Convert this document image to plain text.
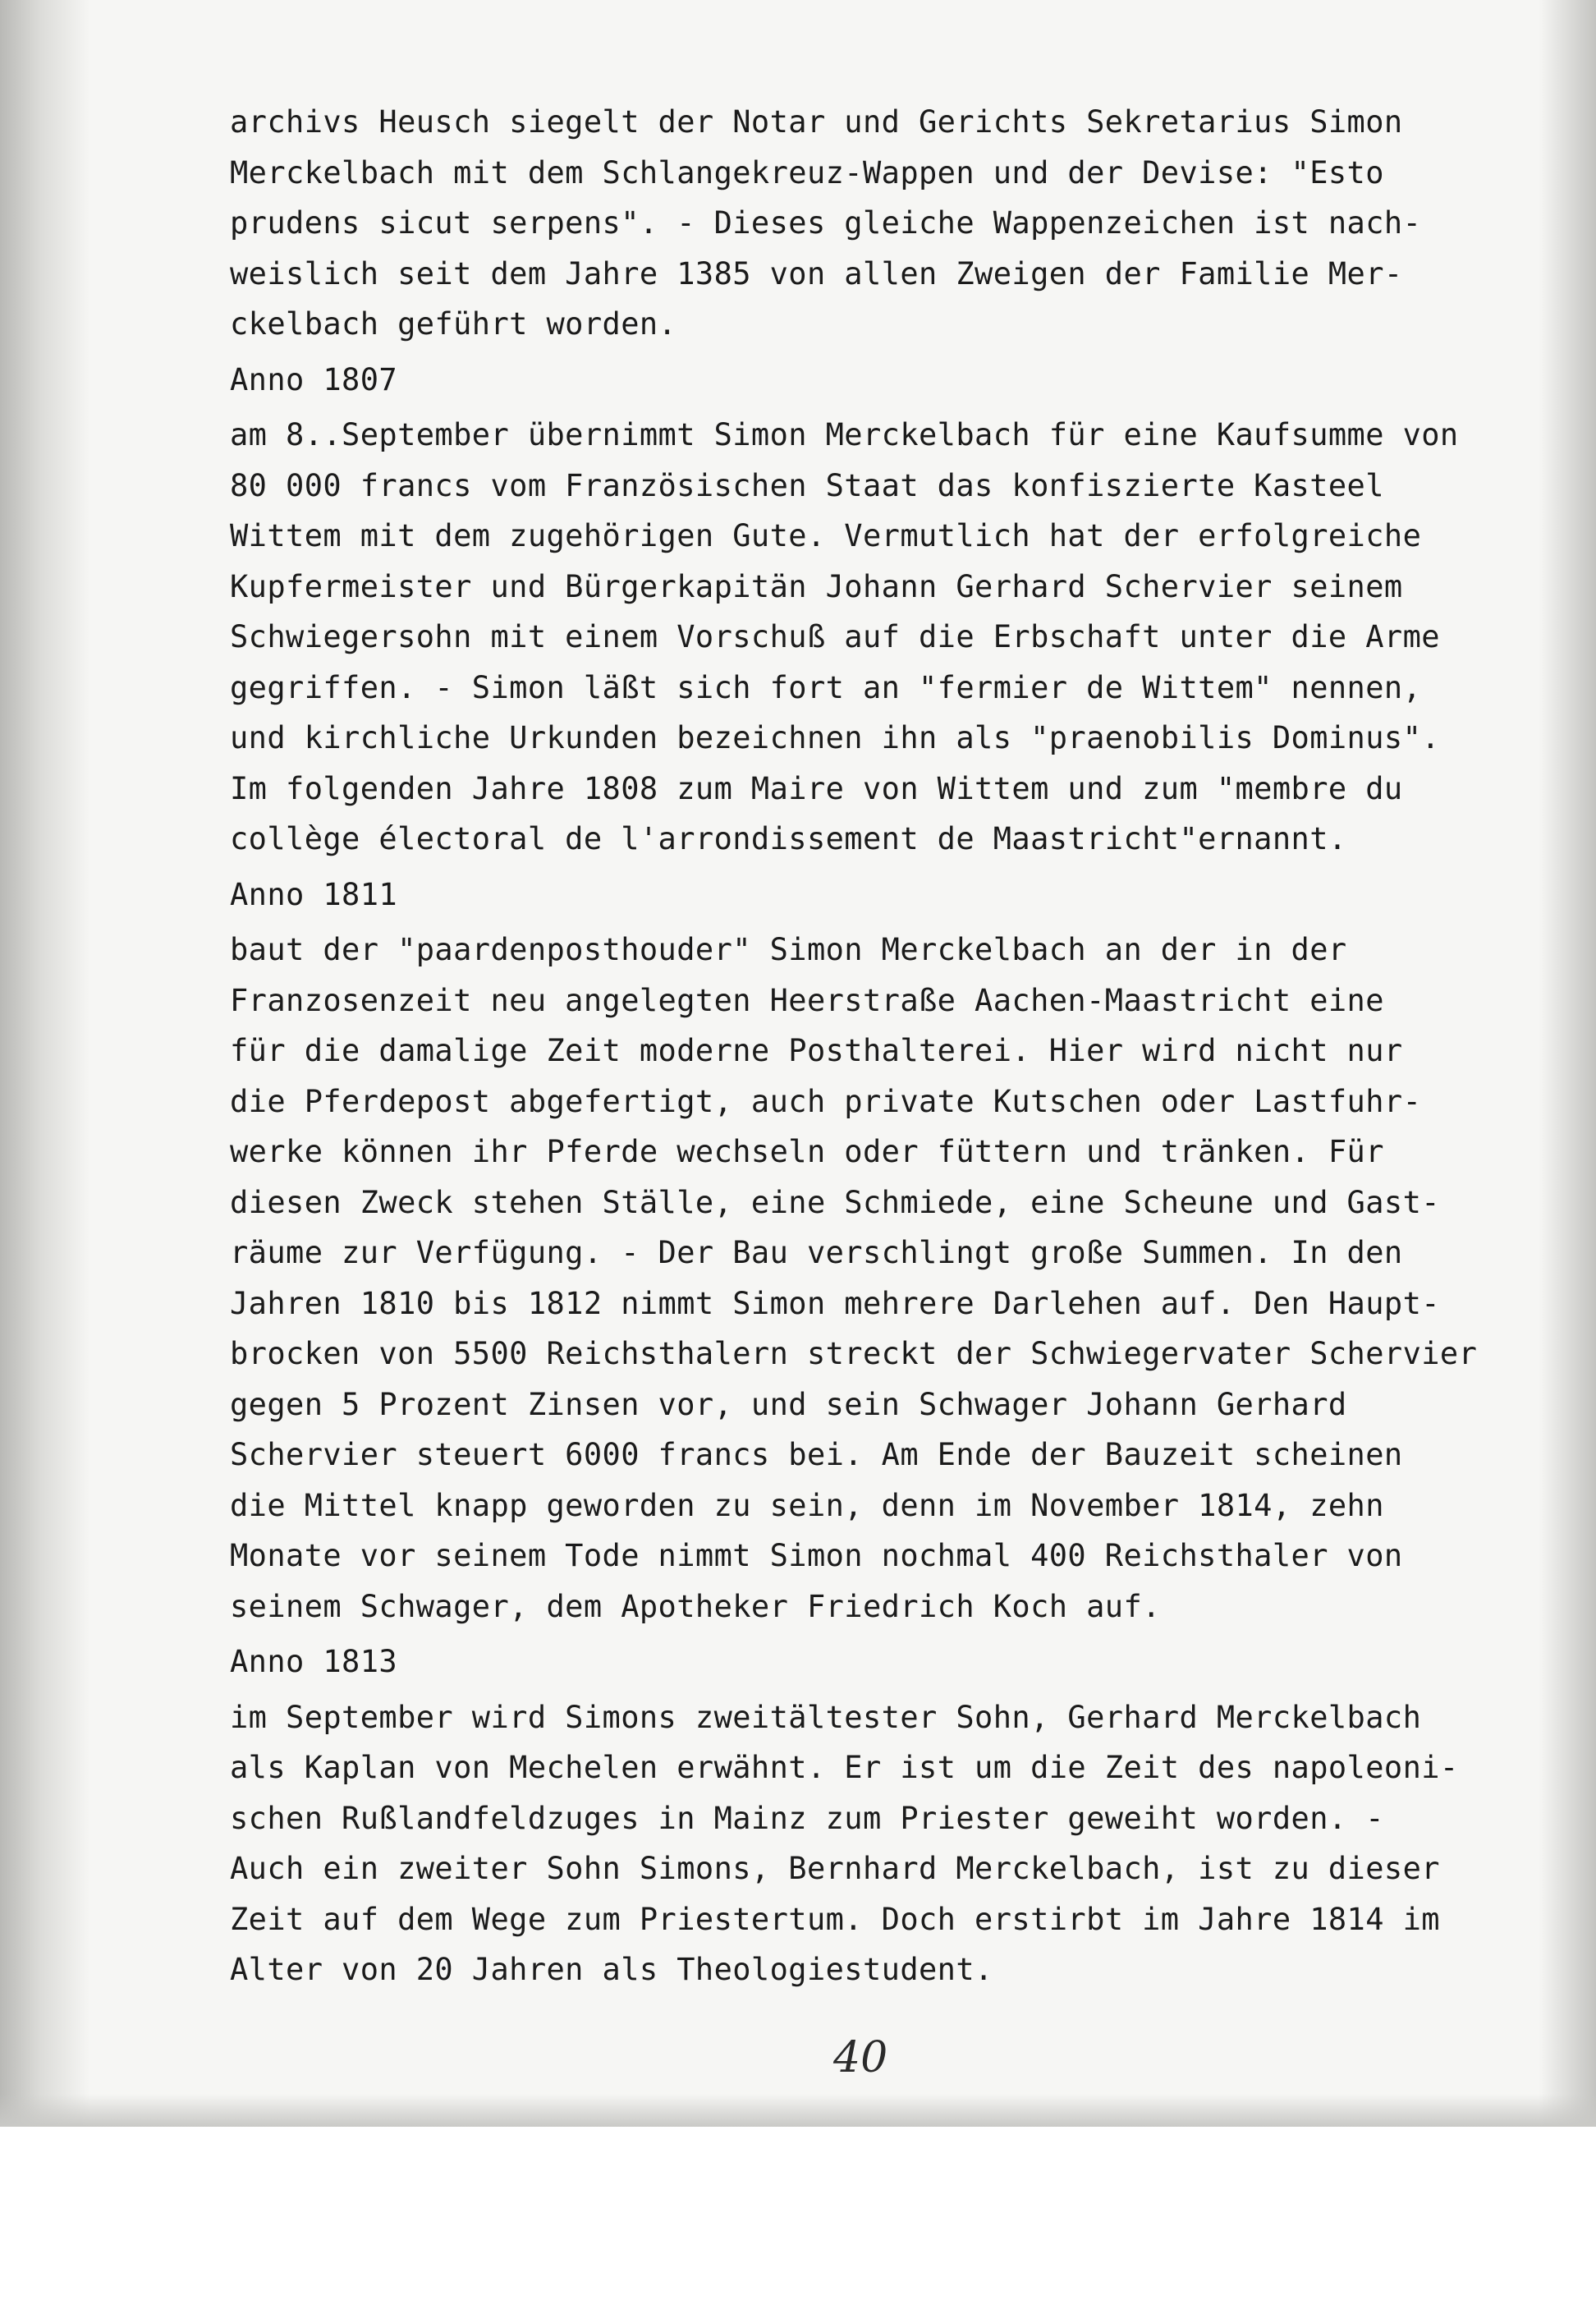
archivs Heusch siegelt der Notar und Gerichts Sekretarius Simon
Merckelbach mit dem Schlangekreuz-Wappen und der Devise: "Esto
prudens sicut serpens". - Dieses gleiche Wappenzeichen ist nach-
weislich seit dem Jahre 1385 von allen Zweigen der Familie Mer-
ckelbach geführt worden.
Anno 1807
am 8..September übernimmt Simon Merckelbach für eine Kaufsumme von
80 000 francs vom Französischen Staat das konfiszierte Kasteel
Wittem mit dem zugehörigen Gute. Vermutlich hat der erfolgreiche
Kupfermeister und Bürgerkapitän Johann Gerhard Schervier seinem
Schwiegersohn mit einem Vorschuß auf die Erbschaft unter die Arme
gegriffen. - Simon läßt sich fort an "fermier de Wittem" nennen,
und kirchliche Urkunden bezeichnen ihn als "praenobilis Dominus".
Im folgenden Jahre 1808 zum Maire von Wittem und zum "membre du
collège électoral de l'arrondissement de Maastricht"ernannt.
Anno 1811
baut der "paardenposthouder" Simon Merckelbach an der in der
Franzosenzeit neu angelegten Heerstraße Aachen-Maastricht eine
für die damalige Zeit moderne Posthalterei. Hier wird nicht nur
die Pferdepost abgefertigt, auch private Kutschen oder Lastfuhr-
werke können ihr Pferde wechseln oder füttern und tränken. Für
diesen Zweck stehen Ställe, eine Schmiede, eine Scheune und Gast-
räume zur Verfügung. - Der Bau verschlingt große Summen. In den
Jahren 1810 bis 1812 nimmt Simon mehrere Darlehen auf. Den Haupt-
brocken von 5500 Reichsthalern streckt der Schwiegervater Schervier
gegen 5 Prozent Zinsen vor, und sein Schwager Johann Gerhard
Schervier steuert 6000 francs bei. Am Ende der Bauzeit scheinen
die Mittel knapp geworden zu sein, denn im November 1814, zehn
Monate vor seinem Tode nimmt Simon nochmal 400 Reichsthaler von
seinem Schwager, dem Apotheker Friedrich Koch auf.
Anno 1813
im September wird Simons zweitältester Sohn, Gerhard Merckelbach
als Kaplan von Mechelen erwähnt. Er ist um die Zeit des napoleoni-
schen Rußlandfeldzuges in Mainz zum Priester geweiht worden. -
Auch ein zweiter Sohn Simons, Bernhard Merckelbach, ist zu dieser
Zeit auf dem Wege zum Priestertum. Doch erstirbt im Jahre 1814 im
Alter von 20 Jahren als Theologiestudent.
40
